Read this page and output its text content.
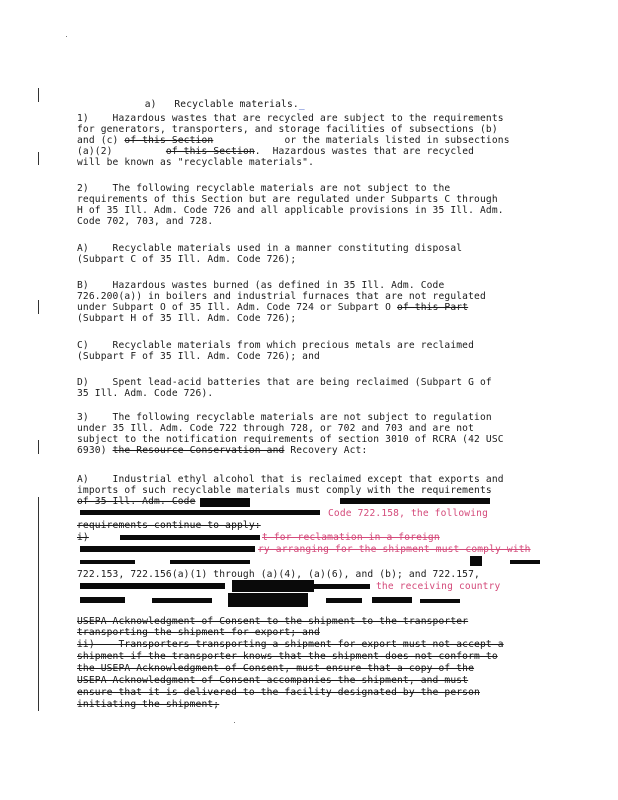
a) Recyclable materials._

1)    Hazardous wastes that are recycled are subject to the requirements
for generators, transporters, and storage facilities of subsections (b)
and (c) of this Section	or the materials listed in subsections
(a)(2)	of this Section.  Hazardous wastes that are recycled
will be known as "recyclable materials".
2)    The following recyclable materials are not subject to the
requirements of this Section but are regulated under Subparts C through
H of 35 Ill. Adm. Code 726 and all applicable provisions in 35 Ill. Adm.
Code 702, 703, and 728.
A)    Recyclable materials used in a manner constituting disposal
(Subpart C of 35 Ill. Adm. Code 726);
B)    Hazardous wastes burned (as defined in 35 Ill. Adm. Code
726.200(a)) in boilers and industrial furnaces that are not regulated
under Subpart O of 35 Ill. Adm. Code 724 or Subpart O of this Part
(Subpart H of 35 Ill. Adm. Code 726);
C)    Recyclable materials from which precious metals are reclaimed
(Subpart F of 35 Ill. Adm. Code 726); and
D)    Spent lead-acid batteries that are being reclaimed (Subpart G of
35 Ill. Adm. Code 726).
3)    The following recyclable materials are not subject to regulation
under 35 Ill. Adm. Code 722 through 728, or 702 and 703 and are not
subject to the notification requirements of section 3010 of RCRA (42 USC
6930) the Resource Conservation and Recovery Act:
A)    Industrial ethyl alcohol that is reclaimed except that exports and
imports of such recyclable materials must comply with the requirements
of 35 Ill. Adm. Code
Code 722.158, the following
requirements continue to apply:
i)	t for reclamation in a foreign
ry arranging for the shipment must comply with
722.153, 722.156(a)(1) through (a)(4), (a)(6), and (b); and 722.157,
the receiving country
USEPA Acknowledgment of Consent to the shipment to the transporter
transporting the shipment for export; and
ii)    Transporters transporting a shipment for export must not accept a
shipment if the transporter knows that the shipment does not conform to
the USEPA Acknowledgment of Consent, must ensure that a copy of the
USEPA Acknowledgment of Consent accompanies the shipment, and must
ensure that it is delivered to the facility designated by the person
initiating the shipment;
